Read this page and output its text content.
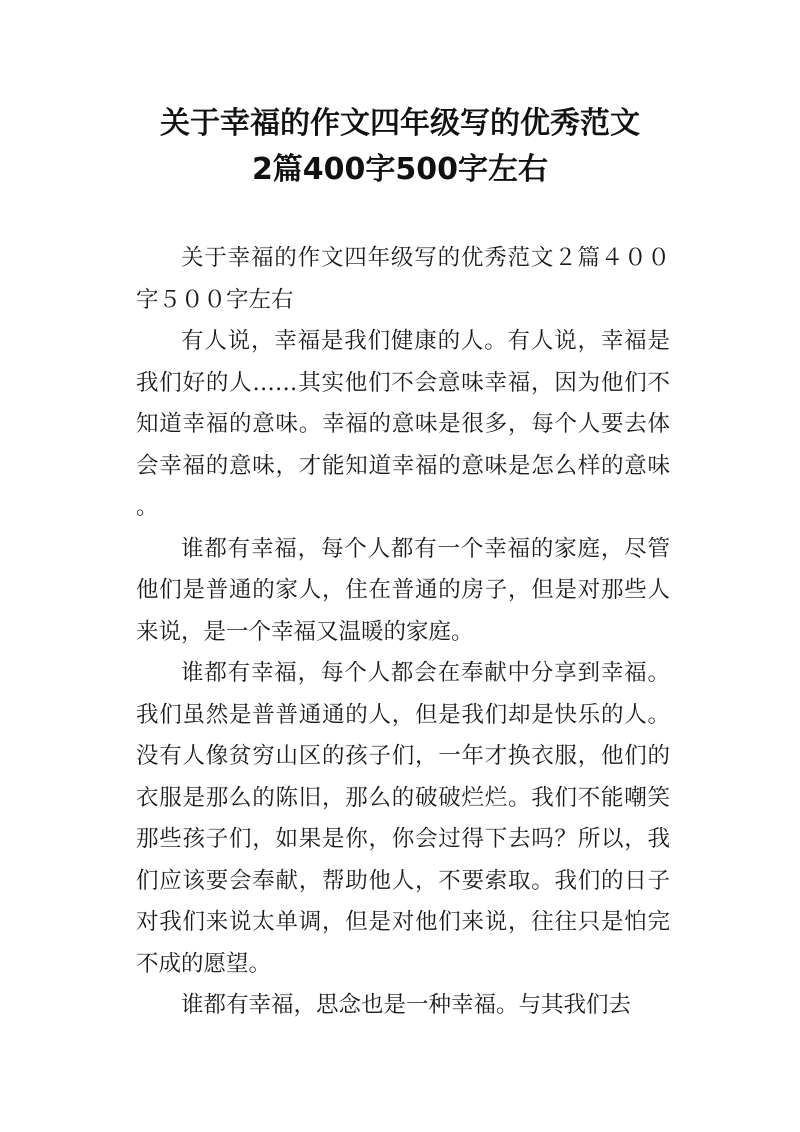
关于幸福的作文四年级写的优秀范文
2篇400字500字左右

关于幸福的作文四年级写的优秀范文２篇４００字５００字左右

有人说，幸福是我们健康的人。有人说，幸福是我们好的人……其实他们不会意味幸福，因为他们不知道幸福的意味。幸福的意味是很多，每个人要去体会幸福的意味，才能知道幸福的意味是怎么样的意味。

谁都有幸福，每个人都有一个幸福的家庭，尽管他们是普通的家人，住在普通的房子，但是对那些人来说，是一个幸福又温暖的家庭。

谁都有幸福，每个人都会在奉献中分享到幸福。我们虽然是普普通通的人，但是我们却是快乐的人。没有人像贫穷山区的孩子们，一年才换衣服，他们的衣服是那么的陈旧，那么的破破烂烂。我们不能嘲笑那些孩子们，如果是你，你会过得下去吗？所以，我们应该要会奉献，帮助他人，不要索取。我们的日子对我们来说太单调，但是对他们来说，往往只是怕完不成的愿望。

谁都有幸福，思念也是一种幸福。与其我们去
